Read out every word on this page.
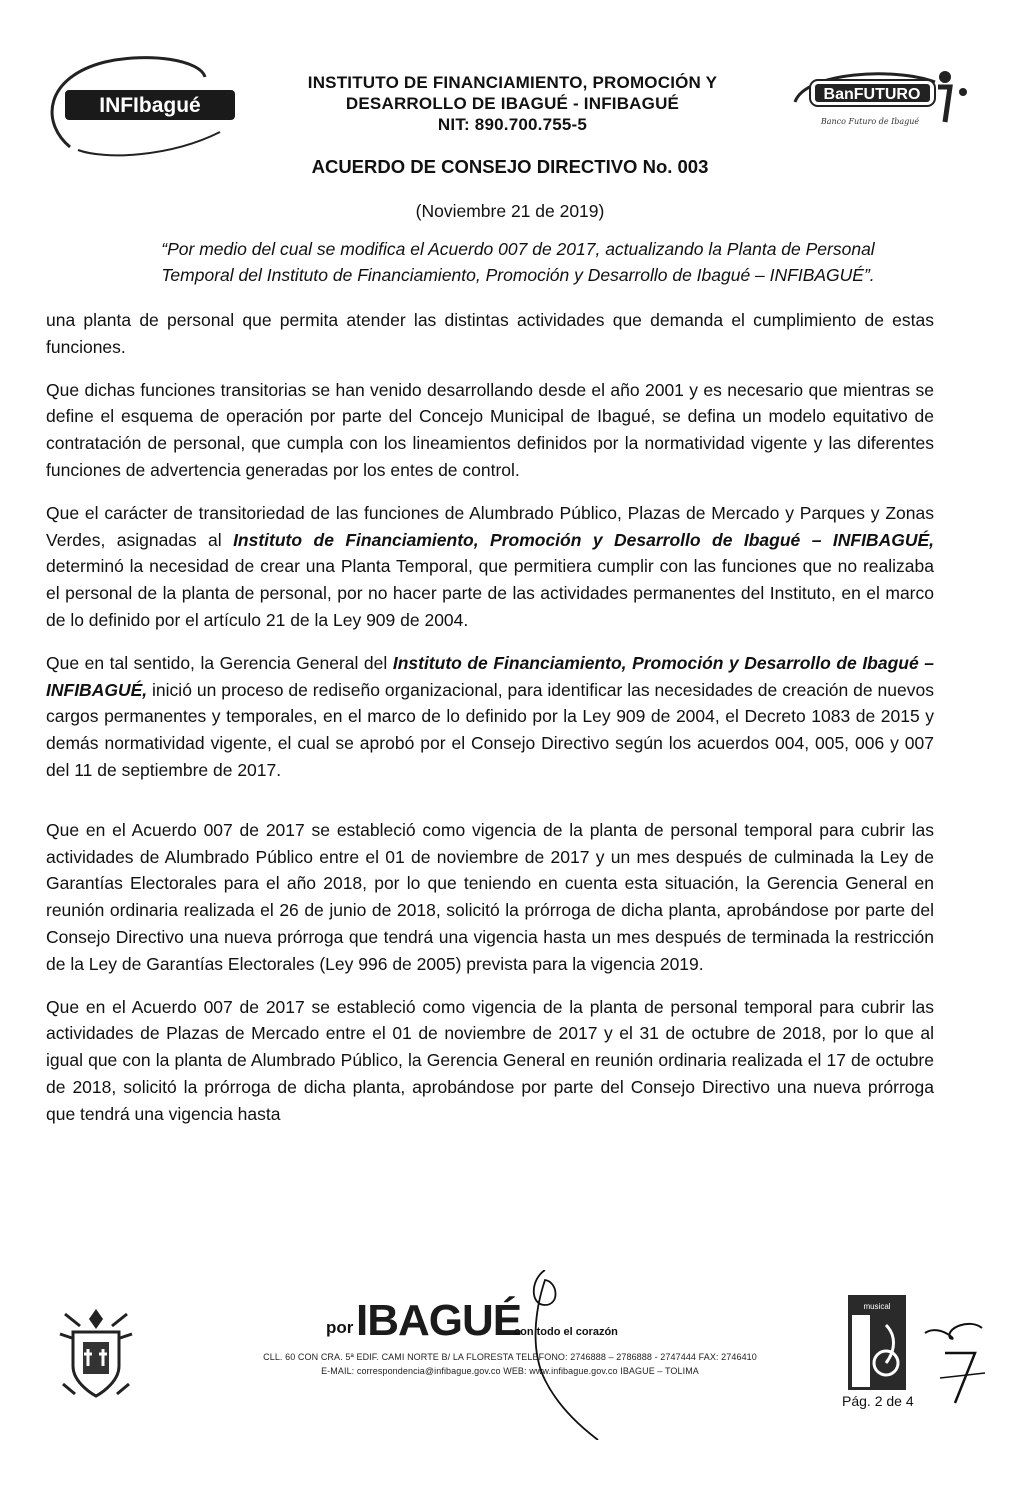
INFIbagué	BanFUTURO
Banco Futuro de Ibagué
INSTITUTO DE FINANCIAMIENTO, PROMOCIÓN Y
DESARROLLO DE IBAGUÉ - INFIBAGUÉ
NIT: 890.700.755-5
ACUERDO DE CONSEJO DIRECTIVO No. 003
(Noviembre 21 de 2019)
“Por medio del cual se modifica el Acuerdo 007 de 2017, actualizando la Planta de Personal
Temporal del Instituto de Financiamiento, Promoción y Desarrollo de Ibagué – INFIBAGUÉ”.

una planta de personal que permita atender las distintas actividades que demanda el cumplimiento de estas funciones.

Que dichas funciones transitorias se han venido desarrollando desde el año 2001 y es necesario que mientras se define el esquema de operación por parte del Concejo Municipal de Ibagué, se defina un modelo equitativo de contratación de personal, que cumpla con los lineamientos definidos por la normatividad vigente y las diferentes funciones de advertencia generadas por los entes de control.

Que el carácter de transitoriedad de las funciones de Alumbrado Público, Plazas de Mercado y Parques y Zonas Verdes, asignadas al Instituto de Financiamiento, Promoción y Desarrollo de Ibagué – INFIBAGUÉ, determinó la necesidad de crear una Planta Temporal, que permitiera cumplir con las funciones que no realizaba el personal de la planta de personal, por no hacer parte de las actividades permanentes del Instituto, en el marco de lo definido por el artículo 21 de la Ley 909 de 2004.

Que en tal sentido, la Gerencia General del Instituto de Financiamiento, Promoción y Desarrollo de Ibagué – INFIBAGUÉ, inició un proceso de rediseño organizacional, para identificar las necesidades de creación de nuevos cargos permanentes y temporales, en el marco de lo definido por la Ley 909 de 2004, el Decreto 1083 de 2015 y demás normatividad vigente, el cual se aprobó por el Consejo Directivo según los acuerdos 004, 005, 006 y 007 del 11 de septiembre de 2017.

Que en el Acuerdo 007 de 2017 se estableció como vigencia de la planta de personal temporal para cubrir las actividades de Alumbrado Público entre el 01 de noviembre de 2017 y un mes después de culminada la Ley de Garantías Electorales para el año 2018, por lo que teniendo en cuenta esta situación, la Gerencia General en reunión ordinaria realizada el 26 de junio de 2018, solicitó la prórroga de dicha planta, aprobándose por parte del Consejo Directivo una nueva prórroga que tendrá una vigencia hasta un mes después de terminada la restricción de la Ley de Garantías Electorales (Ley 996 de 2005) prevista para la vigencia 2019.

Que en el Acuerdo 007 de 2017 se estableció como vigencia de la planta de personal temporal para cubrir las actividades de Plazas de Mercado entre el 01 de noviembre de 2017 y el 31 de octubre de 2018, por lo que al igual que con la planta de Alumbrado Público, la Gerencia General en reunión ordinaria realizada el 17 de octubre de 2018, solicitó la prórroga de dicha planta, aprobándose por parte del Consejo Directivo una nueva prórroga que tendrá una vigencia hasta

por IBAGUÉ
con todo el corazón
CLL. 60 CON CRA. 5ª EDIF. CAMI NORTE B/ LA FLORESTA TELEFONO: 2746888 – 2786888 - 2747444 FAX: 2746410
E-MAIL: correspondencia@infibague.gov.co WEB: www.infibague.gov.co IBAGUE – TOLIMA
musical
Pág. 2 de 4
